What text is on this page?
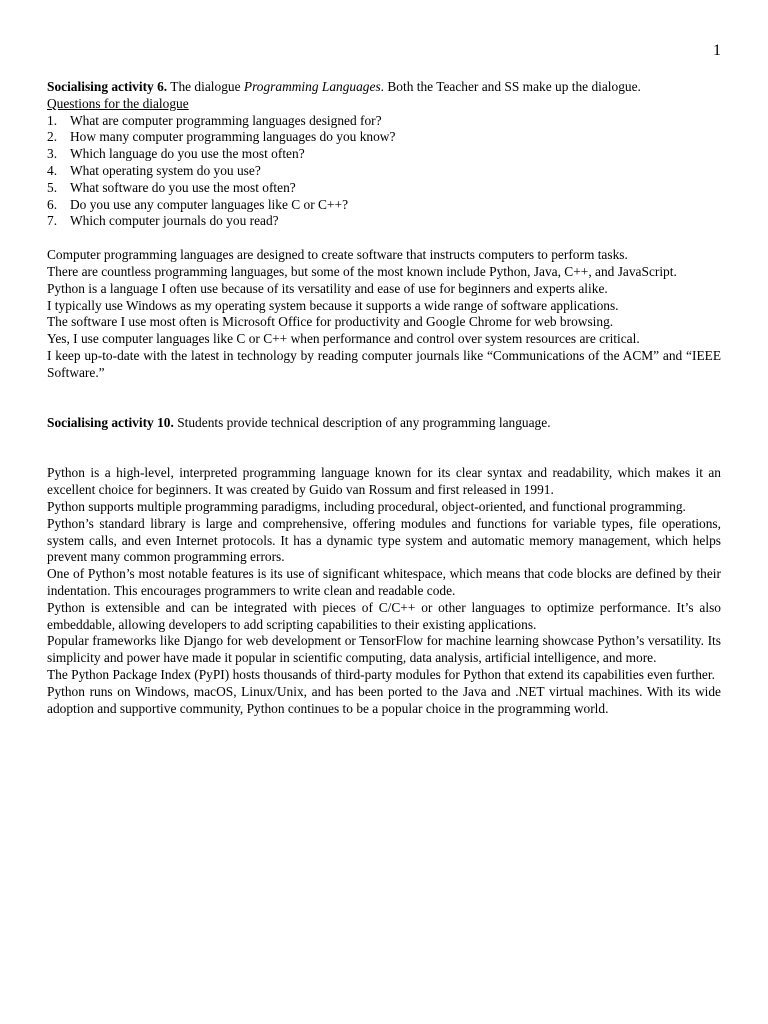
1

Socialising activity 6. The dialogue Programming Languages. Both the Teacher and SS make up the dialogue.

Questions for the dialogue

1. What are computer programming languages designed for?
2. How many computer programming languages do you know?
3. Which language do you use the most often?
4. What operating system do you use?
5. What software do you use the most often?
6. Do you use any computer languages like C or C++?
7. Which computer journals do you read?

Computer programming languages are designed to create software that instructs computers to perform tasks.

There are countless programming languages, but some of the most known include Python, Java, C++, and JavaScript.

Python is a language I often use because of its versatility and ease of use for beginners and experts alike.

I typically use Windows as my operating system because it supports a wide range of software applications.

The software I use most often is Microsoft Office for productivity and Google Chrome for web browsing.

Yes, I use computer languages like C or C++ when performance and control over system resources are critical.

I keep up-to-date with the latest in technology by reading computer journals like “Communications of the ACM” and “IEEE Software.”

Socialising activity 10. Students provide technical description of any programming language.

Python is a high-level, interpreted programming language known for its clear syntax and readability, which makes it an excellent choice for beginners. It was created by Guido van Rossum and first released in 1991.

Python supports multiple programming paradigms, including procedural, object-oriented, and functional programming.

Python’s standard library is large and comprehensive, offering modules and functions for variable types, file operations, system calls, and even Internet protocols. It has a dynamic type system and automatic memory management, which helps prevent many common programming errors.

One of Python’s most notable features is its use of significant whitespace, which means that code blocks are defined by their indentation. This encourages programmers to write clean and readable code.

Python is extensible and can be integrated with pieces of C/C++ or other languages to optimize performance. It’s also embeddable, allowing developers to add scripting capabilities to their existing applications.

Popular frameworks like Django for web development or TensorFlow for machine learning showcase Python’s versatility. Its simplicity and power have made it popular in scientific computing, data analysis, artificial intelligence, and more.

The Python Package Index (PyPI) hosts thousands of third-party modules for Python that extend its capabilities even further.

Python runs on Windows, macOS, Linux/Unix, and has been ported to the Java and .NET virtual machines. With its wide adoption and supportive community, Python continues to be a popular choice in the programming world.
